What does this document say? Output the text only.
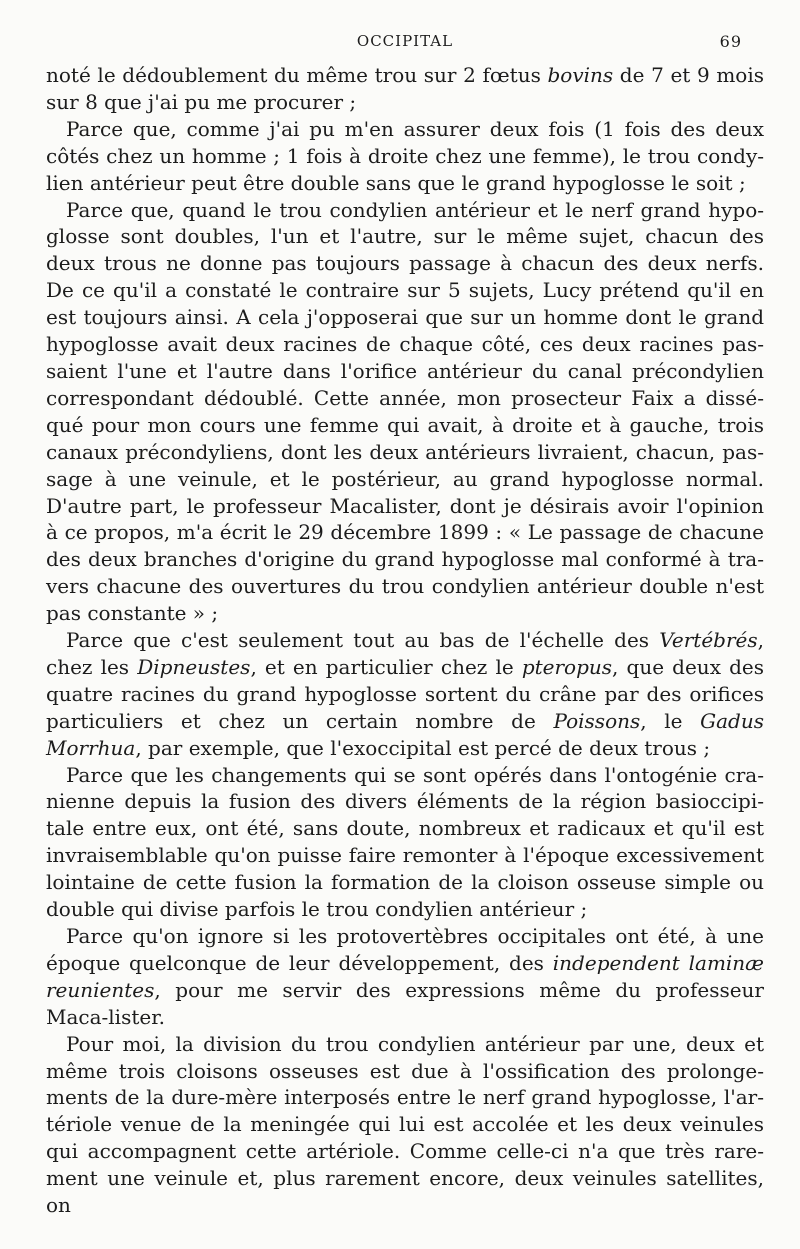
OCCIPITAL	69

noté le dédoublement du même trou sur 2 fœtus bovins de 7 et 9 mois sur 8 que j'ai pu me procurer ;

Parce que, comme j'ai pu m'en assurer deux fois (1 fois des deux côtés chez un homme ; 1 fois à droite chez une femme), le trou condy-lien antérieur peut être double sans que le grand hypoglosse le soit ;

Parce que, quand le trou condylien antérieur et le nerf grand hypo-glosse sont doubles, l'un et l'autre, sur le même sujet, chacun des deux trous ne donne pas toujours passage à chacun des deux nerfs. De ce qu'il a constaté le contraire sur 5 sujets, Lucy prétend qu'il en est toujours ainsi. A cela j'opposerai que sur un homme dont le grand hypoglosse avait deux racines de chaque côté, ces deux racines pas-saient l'une et l'autre dans l'orifice antérieur du canal précondylien correspondant dédoublé. Cette année, mon prosecteur Faix a dissé-qué pour mon cours une femme qui avait, à droite et à gauche, trois canaux précondyliens, dont les deux antérieurs livraient, chacun, pas-sage à une veinule, et le postérieur, au grand hypoglosse normal. D'autre part, le professeur Macalister, dont je désirais avoir l'opinion à ce propos, m'a écrit le 29 décembre 1899 : « Le passage de chacune des deux branches d'origine du grand hypoglosse mal conformé à tra-vers chacune des ouvertures du trou condylien antérieur double n'est pas constante » ;

Parce que c'est seulement tout au bas de l'échelle des Vertébrés, chez les Dipneustes, et en particulier chez le pteropus, que deux des quatre racines du grand hypoglosse sortent du crâne par des orifices particuliers et chez un certain nombre de Poissons, le Gadus Morrhua, par exemple, que l'exoccipital est percé de deux trous ;

Parce que les changements qui se sont opérés dans l'ontogénie cra-nienne depuis la fusion des divers éléments de la région basioccipi-tale entre eux, ont été, sans doute, nombreux et radicaux et qu'il est invraisemblable qu'on puisse faire remonter à l'époque excessivement lointaine de cette fusion la formation de la cloison osseuse simple ou double qui divise parfois le trou condylien antérieur ;

Parce qu'on ignore si les protovertèbres occipitales ont été, à une époque quelconque de leur développement, des independent laminæ reunientes, pour me servir des expressions même du professeur Maca-lister.

Pour moi, la division du trou condylien antérieur par une, deux et même trois cloisons osseuses est due à l'ossification des prolonge-ments de la dure-mère interposés entre le nerf grand hypoglosse, l'ar-tériole venue de la meningée qui lui est accolée et les deux veinules qui accompagnent cette artériole. Comme celle-ci n'a que très rare-ment une veinule et, plus rarement encore, deux veinules satellites, on
